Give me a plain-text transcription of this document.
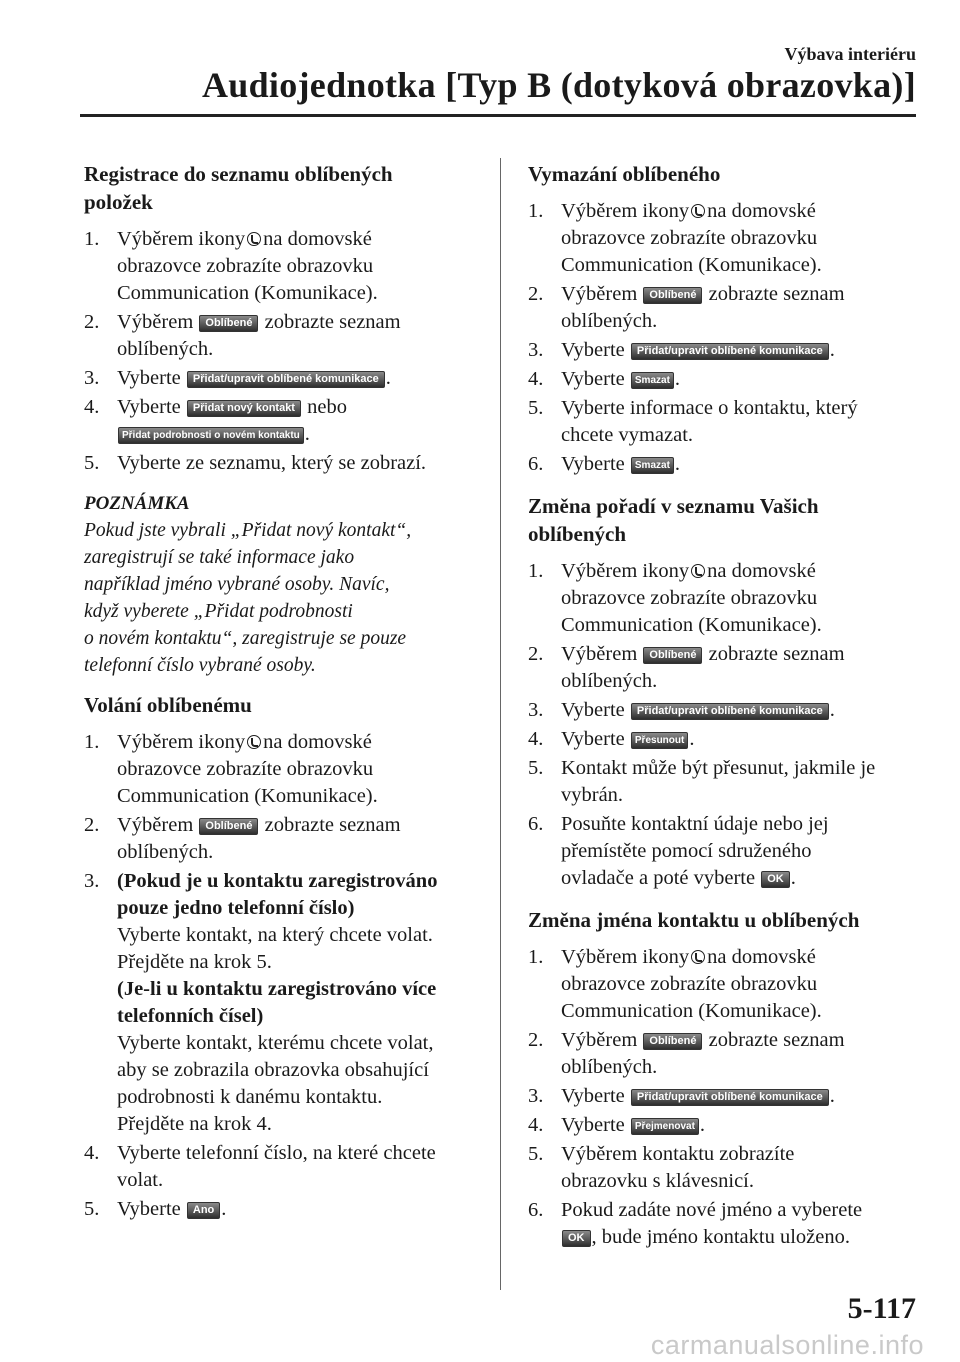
Výbava interiéru
Audiojednotka [Typ B (dotyková obrazovka)]
Registrace do seznamu oblíbených
položek
1. Výběrem ikony na domovské
obrazovce zobrazíte obrazovku
Communication (Komunikace).
2. Výběrem Oblíbené zobrazte seznam
oblíbených.
3. Vyberte Přidat/upravit oblíbené komunikace .
4. Vyberte Přidat nový kontakt nebo
Přidat podrobnosti o novém kontaktu .
5. Vyberte ze seznamu, který se zobrazí.
POZNÁMKA
Pokud jste vybrali „Přidat nový kontakt“,
zaregistrují se také informace jako
například jméno vybrané osoby. Navíc,
když vyberete „Přidat podrobnosti
o novém kontaktu“, zaregistruje se pouze
telefonní číslo vybrané osoby.
Volání oblíbenému
1. Výběrem ikony na domovské
obrazovce zobrazíte obrazovku
Communication (Komunikace).
2. Výběrem Oblíbené zobrazte seznam
oblíbených.
3. (Pokud je u kontaktu zaregistrováno
pouze jedno telefonní číslo)
Vyberte kontakt, na který chcete volat.
Přejděte na krok 5.
(Je-li u kontaktu zaregistrováno více
telefonních čísel)
Vyberte kontakt, kterému chcete volat,
aby se zobrazila obrazovka obsahující
podrobnosti k danému kontaktu.
Přejděte na krok 4.
4. Vyberte telefonní číslo, na které chcete
volat.
5. Vyberte Ano .
Vymazání oblíbeného
1. Výběrem ikony na domovské
obrazovce zobrazíte obrazovku
Communication (Komunikace).
2. Výběrem Oblíbené zobrazte seznam
oblíbených.
3. Vyberte Přidat/upravit oblíbené komunikace .
4. Vyberte Smazat .
5. Vyberte informace o kontaktu, který
chcete vymazat.
6. Vyberte Smazat .
Změna pořadí v seznamu Vašich
oblíbených
1. Výběrem ikony na domovské
obrazovce zobrazíte obrazovku
Communication (Komunikace).
2. Výběrem Oblíbené zobrazte seznam
oblíbených.
3. Vyberte Přidat/upravit oblíbené komunikace .
4. Vyberte Přesunout .
5. Kontakt může být přesunut, jakmile je
vybrán.
6. Posuňte kontaktní údaje nebo jej
přemístěte pomocí sdruženého
ovladače a poté vyberte OK .
Změna jména kontaktu u oblíbených
1. Výběrem ikony na domovské
obrazovce zobrazíte obrazovku
Communication (Komunikace).
2. Výběrem Oblíbené zobrazte seznam
oblíbených.
3. Vyberte Přidat/upravit oblíbené komunikace .
4. Vyberte Přejmenovat .
5. Výběrem kontaktu zobrazíte
obrazovku s klávesnicí.
6. Pokud zadáte nové jméno a vyberete
OK , bude jméno kontaktu uloženo.
5-117
carmanualsonline.info
